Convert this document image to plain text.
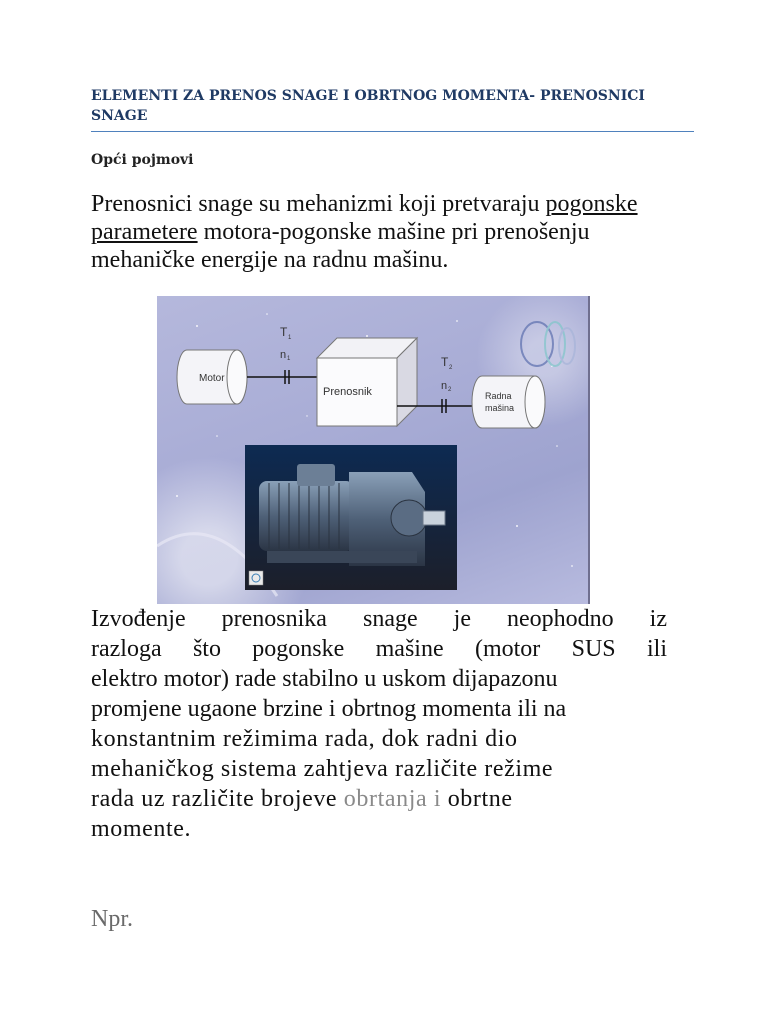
ELEMENTI ZA PRENOS SNAGE I OBRTNOG MOMENTA- PRENOSNICI
SNAGE
Opći pojmovi
Prenosnici snage su mehanizmi koji pretvaraju pogonske
parametere motora-pogonske mašine pri prenošenju mehaničke energije na radnu mašinu.
Motor
T 1
n 1
Prenosnik
T 2
n 2
Radna
mašina
Izvođenje prenosnika snage je neophodno iz
razloga što pogonske mašine (motor SUS ili
elektro motor) rade stabilno u uskom dijapazonu
promjene ugaone brzine i obrtnog momenta ili na
konstantnim režimima rada, dok radni dio
mehaničkog sistema zahtjeva različite režime
rada uz različite brojeve obrtanja i obrtne
momente.
Npr.
